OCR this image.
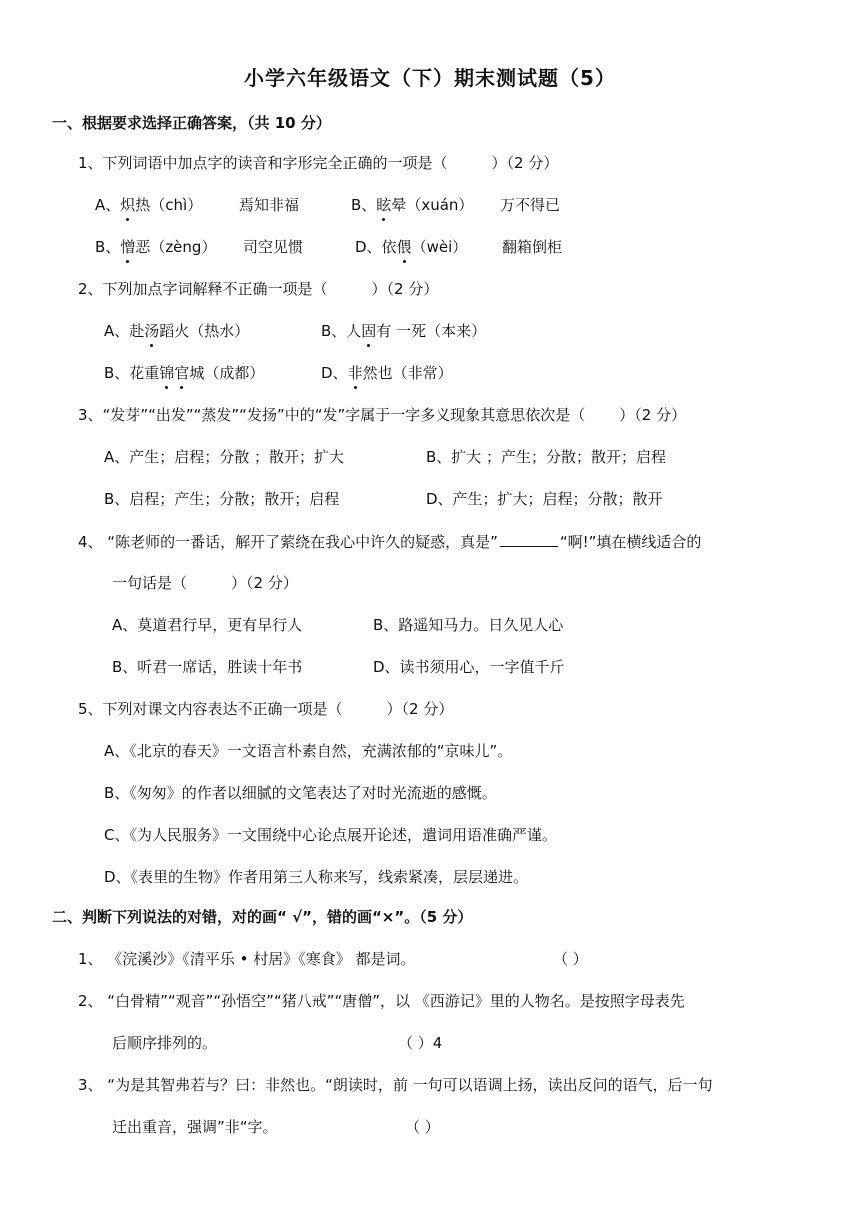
小学六年级语文（下）期末测试题（5）
一、根据要求选择正确答案，（共 10 分）
1、下列词语中加点字的读音和字形完全正确的一项是（	）（2 分）
A、炽热（chì） 焉知非福	B、眩晕（xuán） 万不得已
B、憎恶（zèng） 司空见惯	D、依偎（wèi） 翻箱倒柜
2、下列加点字词解释不正确一项是（	）（2 分）
A、赴汤蹈火（热水）	B、人固有 一死（本来）
B、花重锦官城（成都）	D、非然也（非常）
3、“发芽”“出发”“蒸发”“发扬”中的“发”字属于一字多义现象其意思依次是（ ）（2 分）
A、产生；启程；分散 ；散开；扩大	B、扩大 ；产生；分散；散开；启程
B、启程；产生；分散；散开；启程	D、产生；扩大；启程；分散；散开
4、 “陈老师的一番话，解开了萦绕在我心中许久的疑惑，真是”	“啊!”填在横线适合的
一句话是（	）（2 分）
A、莫道君行早，更有早行人	B、路遥知马力。日久见人心
B、听君一席话，胜读十年书	D、读书须用心，一字值千斤
5、下列对课文内容表达不正确一项是（	）（2 分）
A、《北京的春天》一文语言朴素自然，充满浓郁的“京味儿”。
B、《匆匆》的作者以细腻的文笔表达了对时光流逝的感慨。
C、《为人民服务》一文围绕中心论点展开论述，遣词用语准确严谨。
D、《表里的生物》作者用第三人称来写，线索紧凑，层层递进。
二、判断下列说法的对错，对的画“ √”，错的画“×”。（5 分）
1、 《浣溪沙》《清平乐 • 村居》《寒食》 都是词。	（ ）
2、 “白骨精”“观音”“孙悟空”“猪八戒”“唐僧”，以 《西游记》里的人物名。是按照字母表先
后顺序排列的。	（ ）4
3、 “为是其智弗若与？曰：非然也。“朗读时，前 一句可以语调上扬，读出反问的语气，后一句
迁出重音，强调”非“字。	（ ）
